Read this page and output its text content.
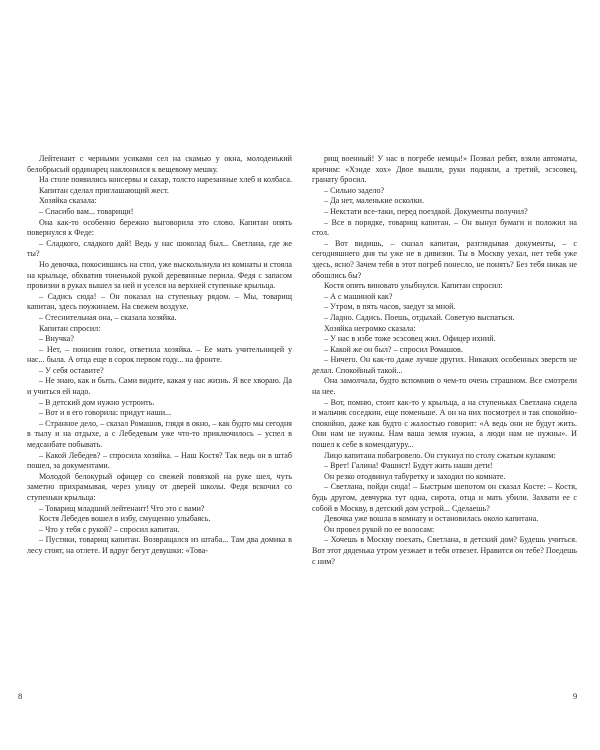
Лейтенант с черными усиками сел на скамью у окна, молоденький белобрысый ординарец наклонился к вещевому мешку.

На столе появились консервы и сахар, толсто нарезанные хлеб и колбаса.

Капитан сделал приглашающий жест.

Хозяйка сказала:

– Спасибо вам... товарищи!

Она как-то особенно бережно выговорила это слово. Капитан опять повернулся к Феде:

– Сладкого, сладкого дай! Ведь у нас шоколад был... Светлана, где же ты?

Но девочка, покосившись на стол, уже выскользнула из комнаты и стояла на крыльце, обхватив тоненькой рукой деревянные перила. Федя с запасом провизии в руках вышел за ней и уселся на верхней ступеньке крыльца.

– Садись сюда! – Он показал на ступеньку рядом. – Мы, товарищ капитан, здесь поужинаем. На свежем воздухе.

– Стеснительная она, – сказала хозяйка.

Капитан спросил:

– Внучка?

– Нет, – понизив голос, ответила хозяйка. – Ее мать учительницей у нас... была. А отца еще в сорок первом году... на фронте.

– У себя оставите?

– Не знаю, как и быть. Сами видите, какая у нас жизнь. Я все хвораю. Да и учиться ей надо.

– В детский дом нужно устроить.

– Вот и я его говорила: придут наши...

– Странное дело, – сказал Ромашов, глядя в окно, – как будто мы сегодня в тылу и на отдыхе, а с Лебедевым уже что-то приключилось – успел в медсанбате побывать.

– Какой Лебедев? – спросила хозяйка. – Наш Костя? Так ведь он в штаб пошел, за документами.

Молодой белокурый офицер со свежей повязкой на руке шел, чуть заметно прихрамывая, через улицу от дверей школы. Федя вскочил со ступеньки крыльца:

– Товарищ младший лейтенант! Что это с вами?

Костя Лебедев вошел в избу, смущенно улыбаясь.

– Что у тебя с рукой? – спросил капитан.

– Пустяки, товарищ капитан. Возвращался из штаба... Там два домика в лесу стоят, на отлете. И вдруг бегут девушки: «Това-

8

рищ военный! У нас в погребе немцы!» Позвал ребят, взяли автоматы, кричим: «Хэнде хох» Двое вышли, руки подняли, а третий, эсэсовец, гранату бросил.

– Сильно задело?

– Да нет, маленькие осколки.

– Некстати все-таки, перед поездкой. Документы получил?

– Все в порядке, товарищ капитан. – Он вынул бумаги и положил на стол.

– Вот видишь, – сказал капитан, разглядывая документы, – с сегодняшнего дня ты уже не в дивизии. Ты в Москву уехал, нет тебя уже здесь, ясно? Зачем тебя в этот погреб понесло, не понять? Без тебя никак не обошлись бы?

Костя опять виновато улыбнулся. Капитан спросил:

– А с машиной как?

– Утром, в пять часов, заедут за мной.

– Ладно. Садись. Поешь, отдыхай. Советую выспаться.

Хозяйка негромко сказала:

– У нас в избе тоже эсэсовец жил. Офицер ихний.

– Какой же он был? – спросил Ромашов.

– Ничего. Он как-то даже лучше других. Никаких особенных зверств не делал. Спокойный такой...

Она замолчала, будто вспомнив о чем-то очень страшном. Все смотрели на нее.

– Вот, помню, стоит как-то у крыльца, а на ступеньках Светлана сидела и мальчик соседкин, еще поменьше. А он на них посмотрел и так спокойно-спокойно, даже как будто с жалостью говорит: «А ведь они не будут жить. Они нам не нужны. Нам ваша земля нужна, а люди нам не нужны». И пошел к себе в комендатуру...

Лицо капитана побагровело. Он стукнул по столу сжатым кулаком:

– Врет! Галина! Фашист! Будут жить наши дети!

Он резко отодвинул табуретку и заходил по комнате.

– Светлана, пойди сюда! – Быстрым шепотом он сказал Косте: – Костя, будь другом, девчурка тут одна, сирота, отца и мать убили. Захвати ее с собой в Москву, в детский дом устрой... Сделаешь?

Девочка уже вошла в комнату и остановилась около капитана.

Он провел рукой по ее волосам:

– Хочешь в Москву поехать, Светлана, в детский дом? Будешь учиться. Вот этот дяденька утром уезжает и тебя отвезет. Нравится он тебе? Поедешь с ним?

9
